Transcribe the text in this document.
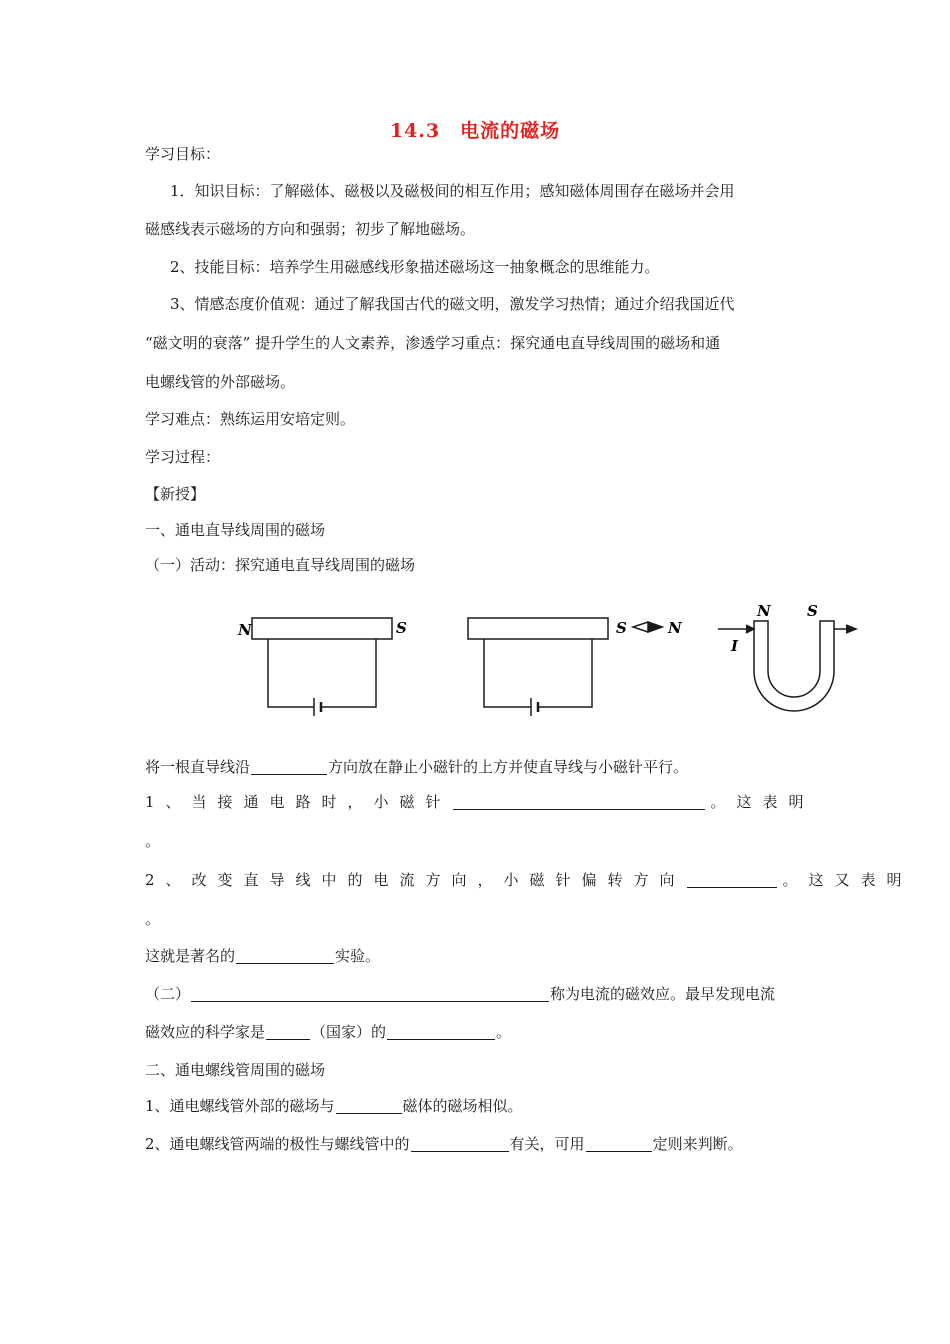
14.3　电流的磁场
学习目标：
1．知识目标：了解磁体、磁极以及磁极间的相互作用；感知磁体周围存在磁场并会用
磁感线表示磁场的方向和强弱；初步了解地磁场。
2、技能目标：培养学生用磁感线形象描述磁场这一抽象概念的思维能力。
3、情感态度价值观：通过了解我国古代的磁文明，激发学习热情；通过介绍我国近代
“磁文明的衰落” 提升学生的人文素养，渗透学习重点：探究通电直导线周围的磁场和通
电螺线管的外部磁场。
学习难点：熟练运用安培定则。
学习过程：
【新授】
一、通电直导线周围的磁场
（一）活动：探究通电直导线周围的磁场
N	S	S	N
N S
I
将一根直导线沿	方向放在静止小磁针的上方并使直导线与小磁针平行。
1、当接通电路时，小磁针	。这表明
。
2、改变直导线中的电流方向，小磁针偏转方向	。这又表明
。
这就是著名的	实验。
（二）	称为电流的磁效应。最早发现电流
磁效应的科学家是	（国家）的	。
二、通电螺线管周围的磁场
1、通电螺线管外部的磁场与	磁体的磁场相似。
2、通电螺线管两端的极性与螺线管中的	有关，可用	定则来判断。
